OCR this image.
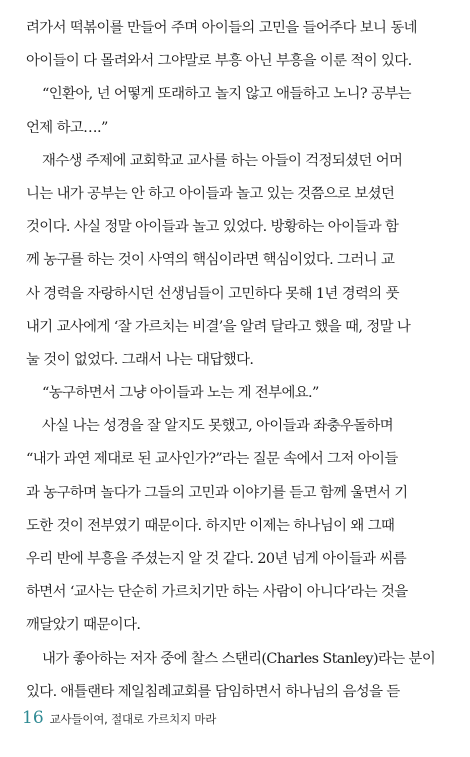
려가서 떡볶이를 만들어 주며 아이들의 고민을 들어주다 보니 동네
아이들이 다 몰려와서 그야말로 부흥 아닌 부흥을 이룬 적이 있다.
“인환아, 넌 어떻게 또래하고 놀지 않고 애들하고 노니? 공부는
언제 하고….”
재수생 주제에 교회학교 교사를 하는 아들이 걱정되셨던 어머
니는 내가 공부는 안 하고 아이들과 놀고 있는 것쯤으로 보셨던
것이다. 사실 정말 아이들과 놀고 있었다. 방황하는 아이들과 함
께 농구를 하는 것이 사역의 핵심이라면 핵심이었다. 그러니 교
사 경력을 자랑하시던 선생님들이 고민하다 못해 1년 경력의 풋
내기 교사에게 ‘잘 가르치는 비결’을 알려 달라고 했을 때, 정말 나
눌 것이 없었다. 그래서 나는 대답했다.
“농구하면서 그냥 아이들과 노는 게 전부에요.”
사실 나는 성경을 잘 알지도 못했고, 아이들과 좌충우돌하며
“내가 과연 제대로 된 교사인가?”라는 질문 속에서 그저 아이들
과 농구하며 놀다가 그들의 고민과 이야기를 듣고 함께 울면서 기
도한 것이 전부였기 때문이다. 하지만 이제는 하나님이 왜 그때
우리 반에 부흥을 주셨는지 알 것 같다. 20년 넘게 아이들과 씨름
하면서 ‘교사는 단순히 가르치기만 하는 사람이 아니다’라는 것을
깨달았기 때문이다.
내가 좋아하는 저자 중에 찰스 스탠리(Charles Stanley)라는 분이
있다. 애틀랜타 제일침례교회를 담임하면서 하나님의 음성을 듣
16 교사들이여, 절대로 가르치지 마라
